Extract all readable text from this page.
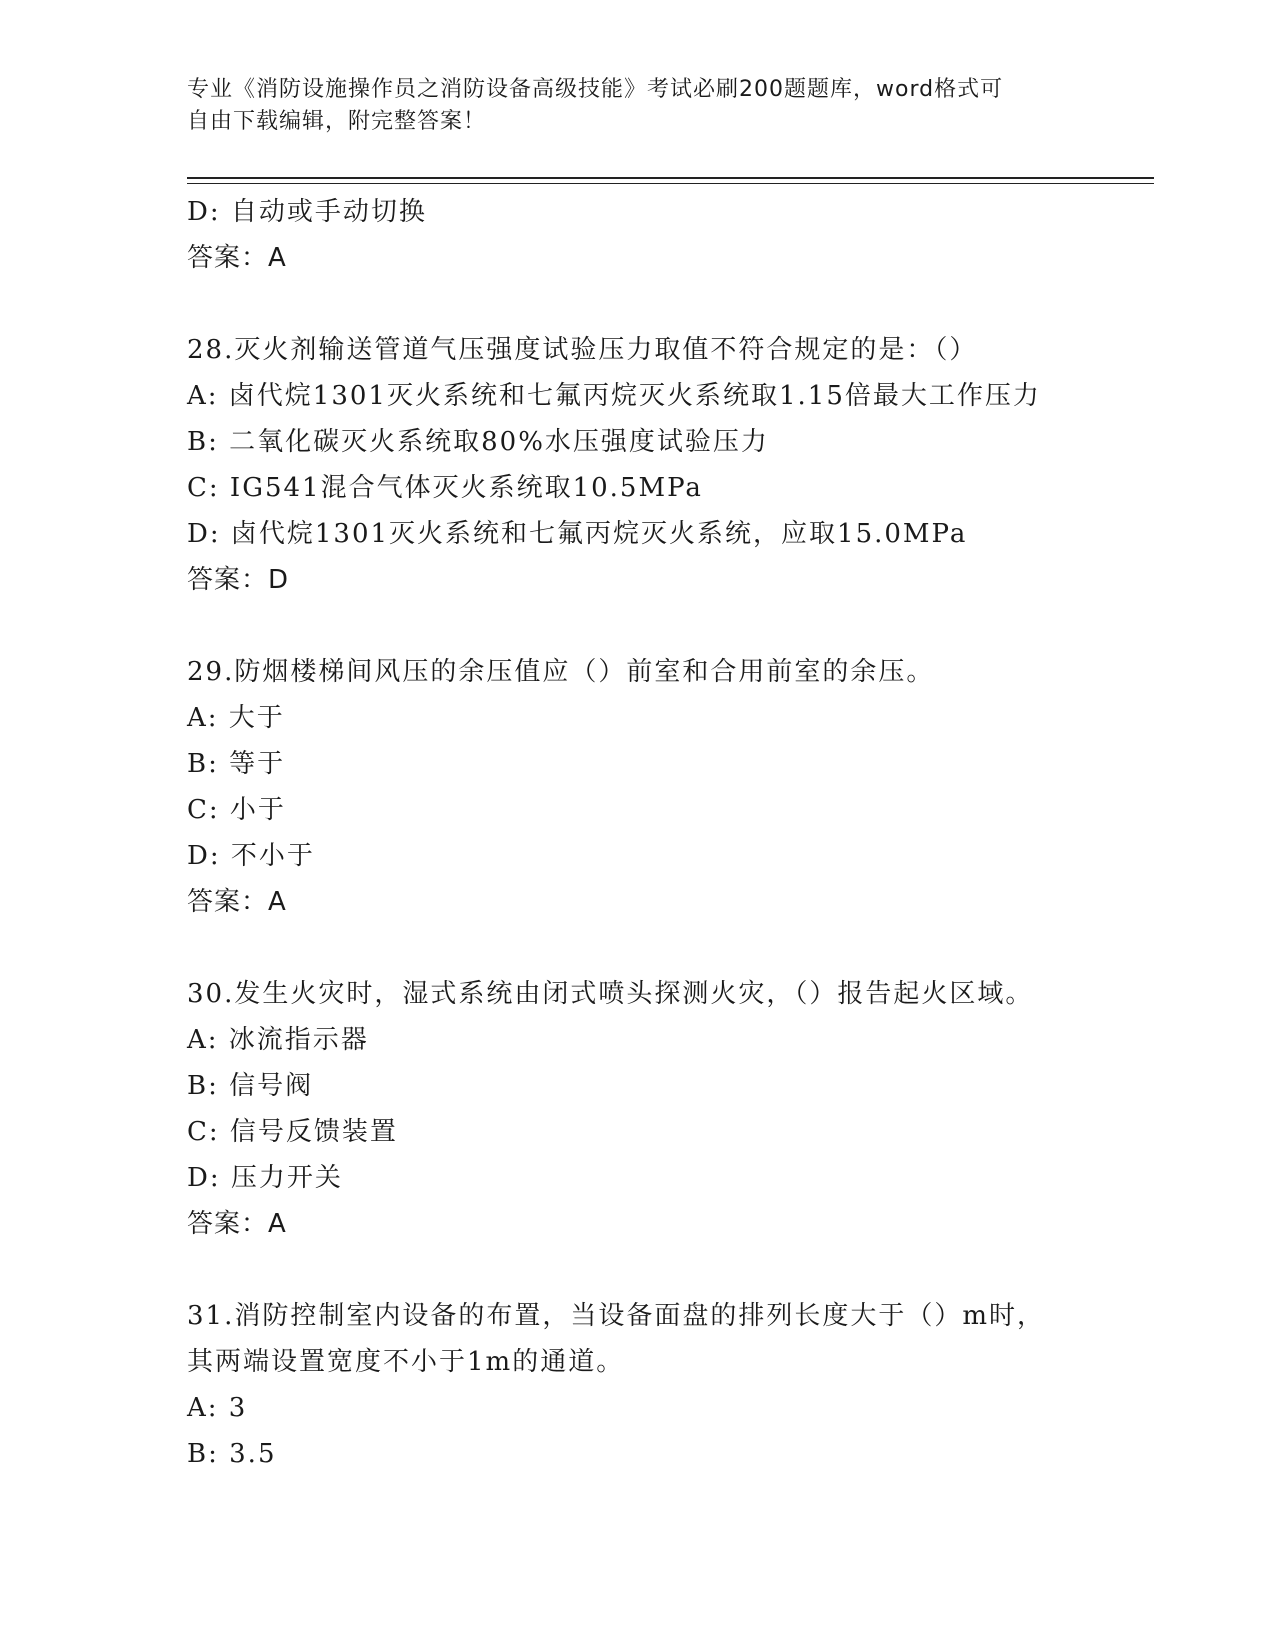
专业《消防设施操作员之消防设备高级技能》考试必刷200题题库，word格式可
自由下载编辑，附完整答案！
D: 自动或手动切换
答案：A
28.灭火剂输送管道气压强度试验压力取值不符合规定的是：（）
A: 卤代烷1301灭火系统和七氟丙烷灭火系统取1.15倍最大工作压力
B: 二氧化碳灭火系统取80%水压强度试验压力
C: IG541混合气体灭火系统取10.5MPa
D: 卤代烷1301灭火系统和七氟丙烷灭火系统，应取15.0MPa
答案：D
29.防烟楼梯间风压的余压值应（）前室和合用前室的余压。
A: 大于
B: 等于
C: 小于
D: 不小于
答案：A
30.发生火灾时，湿式系统由闭式喷头探测火灾，（）报告起火区域。
A: 冰流指示器
B: 信号阀
C: 信号反馈装置
D: 压力开关
答案：A
31.消防控制室内设备的布置，当设备面盘的排列长度大于（）m时，
其两端设置宽度不小于1m的通道。
A: 3
B: 3.5
